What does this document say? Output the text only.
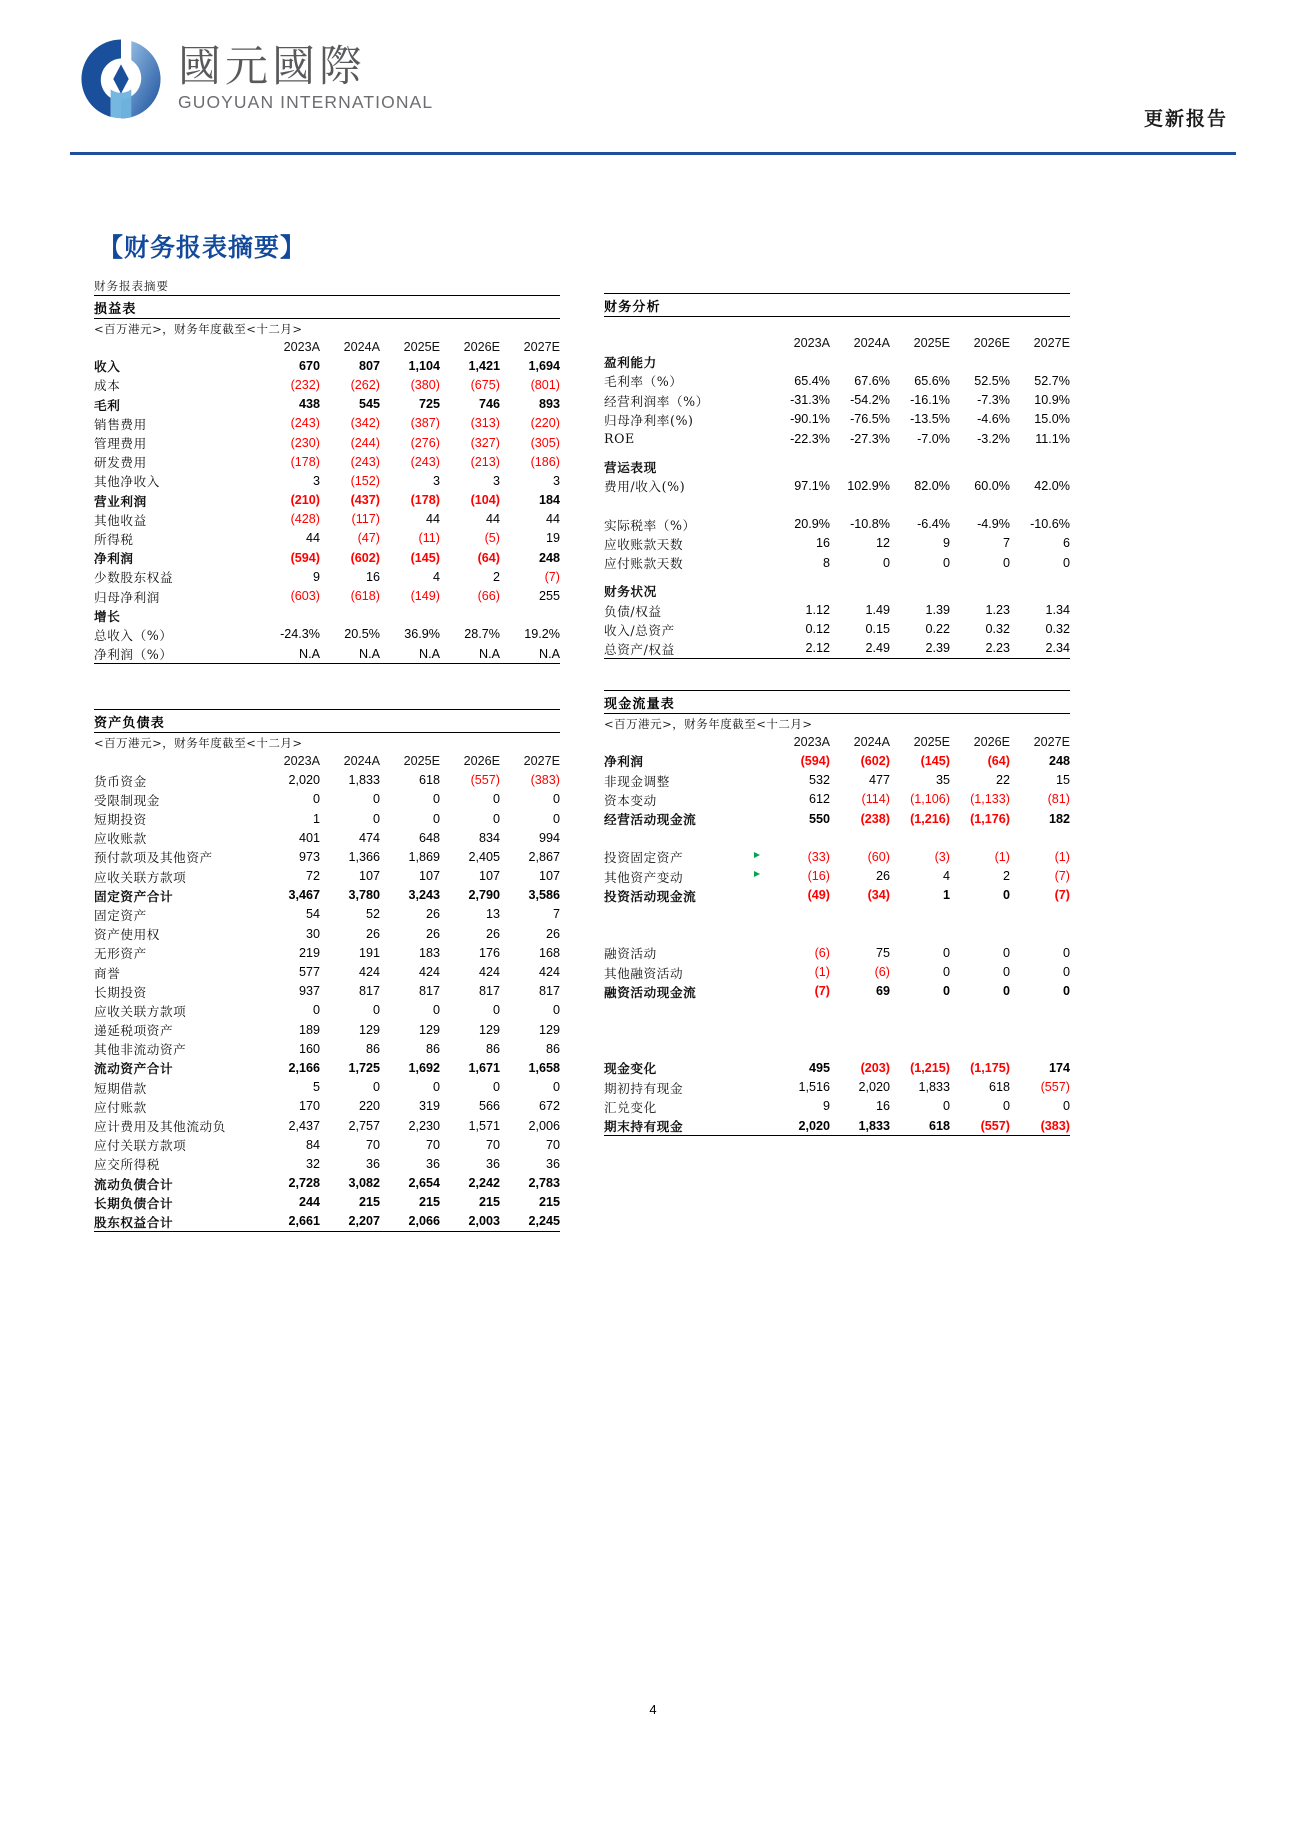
國元國際
GUOYUAN INTERNATIONAL
更新报告
【财务报表摘要】
财务报表摘要
损益表
<百万港元>，财务年度截至<十二月>
	2023A	2024A	2025E	2026E	2027E
收入	670	807	1,104	1,421	1,694
成本	(232)	(262)	(380)	(675)	(801)
毛利	438	545	725	746	893
销售费用	(243)	(342)	(387)	(313)	(220)
管理费用	(230)	(244)	(276)	(327)	(305)
研发费用	(178)	(243)	(243)	(213)	(186)
其他净收入	3	(152)	3	3	3
营业利润	(210)	(437)	(178)	(104)	184
其他收益	(428)	(117)	44	44	44
所得税	44	(47)	(11)	(5)	19
净利润	(594)	(602)	(145)	(64)	248
少数股东权益	9	16	4	2	(7)
归母净利润	(603)	(618)	(149)	(66)	255
增长					
总收入（%）	-24.3%	20.5%	36.9%	28.7%	19.2%
净利润（%）	N.A	N.A	N.A	N.A	N.A

资产负债表
<百万港元>，财务年度截至<十二月>
	2023A	2024A	2025E	2026E	2027E
货币资金	2,020	1,833	618	(557)	(383)
受限制现金	0	0	0	0	0
短期投资	1	0	0	0	0
应收账款	401	474	648	834	994
预付款项及其他资产	973	1,366	1,869	2,405	2,867
应收关联方款项	72	107	107	107	107
固定资产合计	3,467	3,780	3,243	2,790	3,586
固定资产	54	52	26	13	7
资产使用权	30	26	26	26	26
无形资产	219	191	183	176	168
商誉	577	424	424	424	424
长期投资	937	817	817	817	817
应收关联方款项	0	0	0	0	0
递延税项资产	189	129	129	129	129
其他非流动资产	160	86	86	86	86
流动资产合计	2,166	1,725	1,692	1,671	1,658
短期借款	5	0	0	0	0
应付账款	170	220	319	566	672
应计费用及其他流动负	2,437	2,757	2,230	1,571	2,006
应付关联方款项	84	70	70	70	70
应交所得税	32	36	36	36	36
流动负债合计	2,728	3,082	2,654	2,242	2,783
长期负债合计	244	215	215	215	215
股东权益合计	2,661	2,207	2,066	2,003	2,245

财务分析

	2023A	2024A	2025E	2026E	2027E
盈利能力					
毛利率（%）	65.4%	67.6%	65.6%	52.5%	52.7%
经营利润率（%）	-31.3%	-54.2%	-16.1%	-7.3%	10.9%
归母净利率(%)	-90.1%	-76.5%	-13.5%	-4.6%	15.0%
ROE	-22.3%	-27.3%	-7.0%	-3.2%	11.1%

营运表现					
费用/收入(%)	97.1%	102.9%	82.0%	60.0%	42.0%

实际税率（%）	20.9%	-10.8%	-6.4%	-4.9%	-10.6%
应收账款天数	16	12	9	7	6
应付账款天数	8	0	0	0	0

财务状况					
负债/权益	1.12	1.49	1.39	1.23	1.34
收入/总资产	0.12	0.15	0.22	0.32	0.32
总资产/权益	2.12	2.49	2.39	2.23	2.34

现金流量表
<百万港元>，财务年度截至<十二月>
		2023A	2024A	2025E	2026E	2027E
净利润		(594)	(602)	(145)	(64)	248
非现金调整		532	477	35	22	15
资本变动		612	(114)	(1,106)	(1,133)	(81)
经营活动现金流		550	(238)	(1,216)	(1,176)	182

投资固定资产		(33)	(60)	(3)	(1)	(1)
其他资产变动		(16)	26	4	2	(7)
投资活动现金流		(49)	(34)	1	0	(7)

融资活动		(6)	75	0	0	0
其他融资活动		(1)	(6)	0	0	0
融资活动现金流		(7)	69	0	0	0

现金变化		495	(203)	(1,215)	(1,175)	174
期初持有现金		1,516	2,020	1,833	618	(557)
汇兑变化		9	16	0	0	0
期末持有现金		2,020	1,833	618	(557)	(383)

4
